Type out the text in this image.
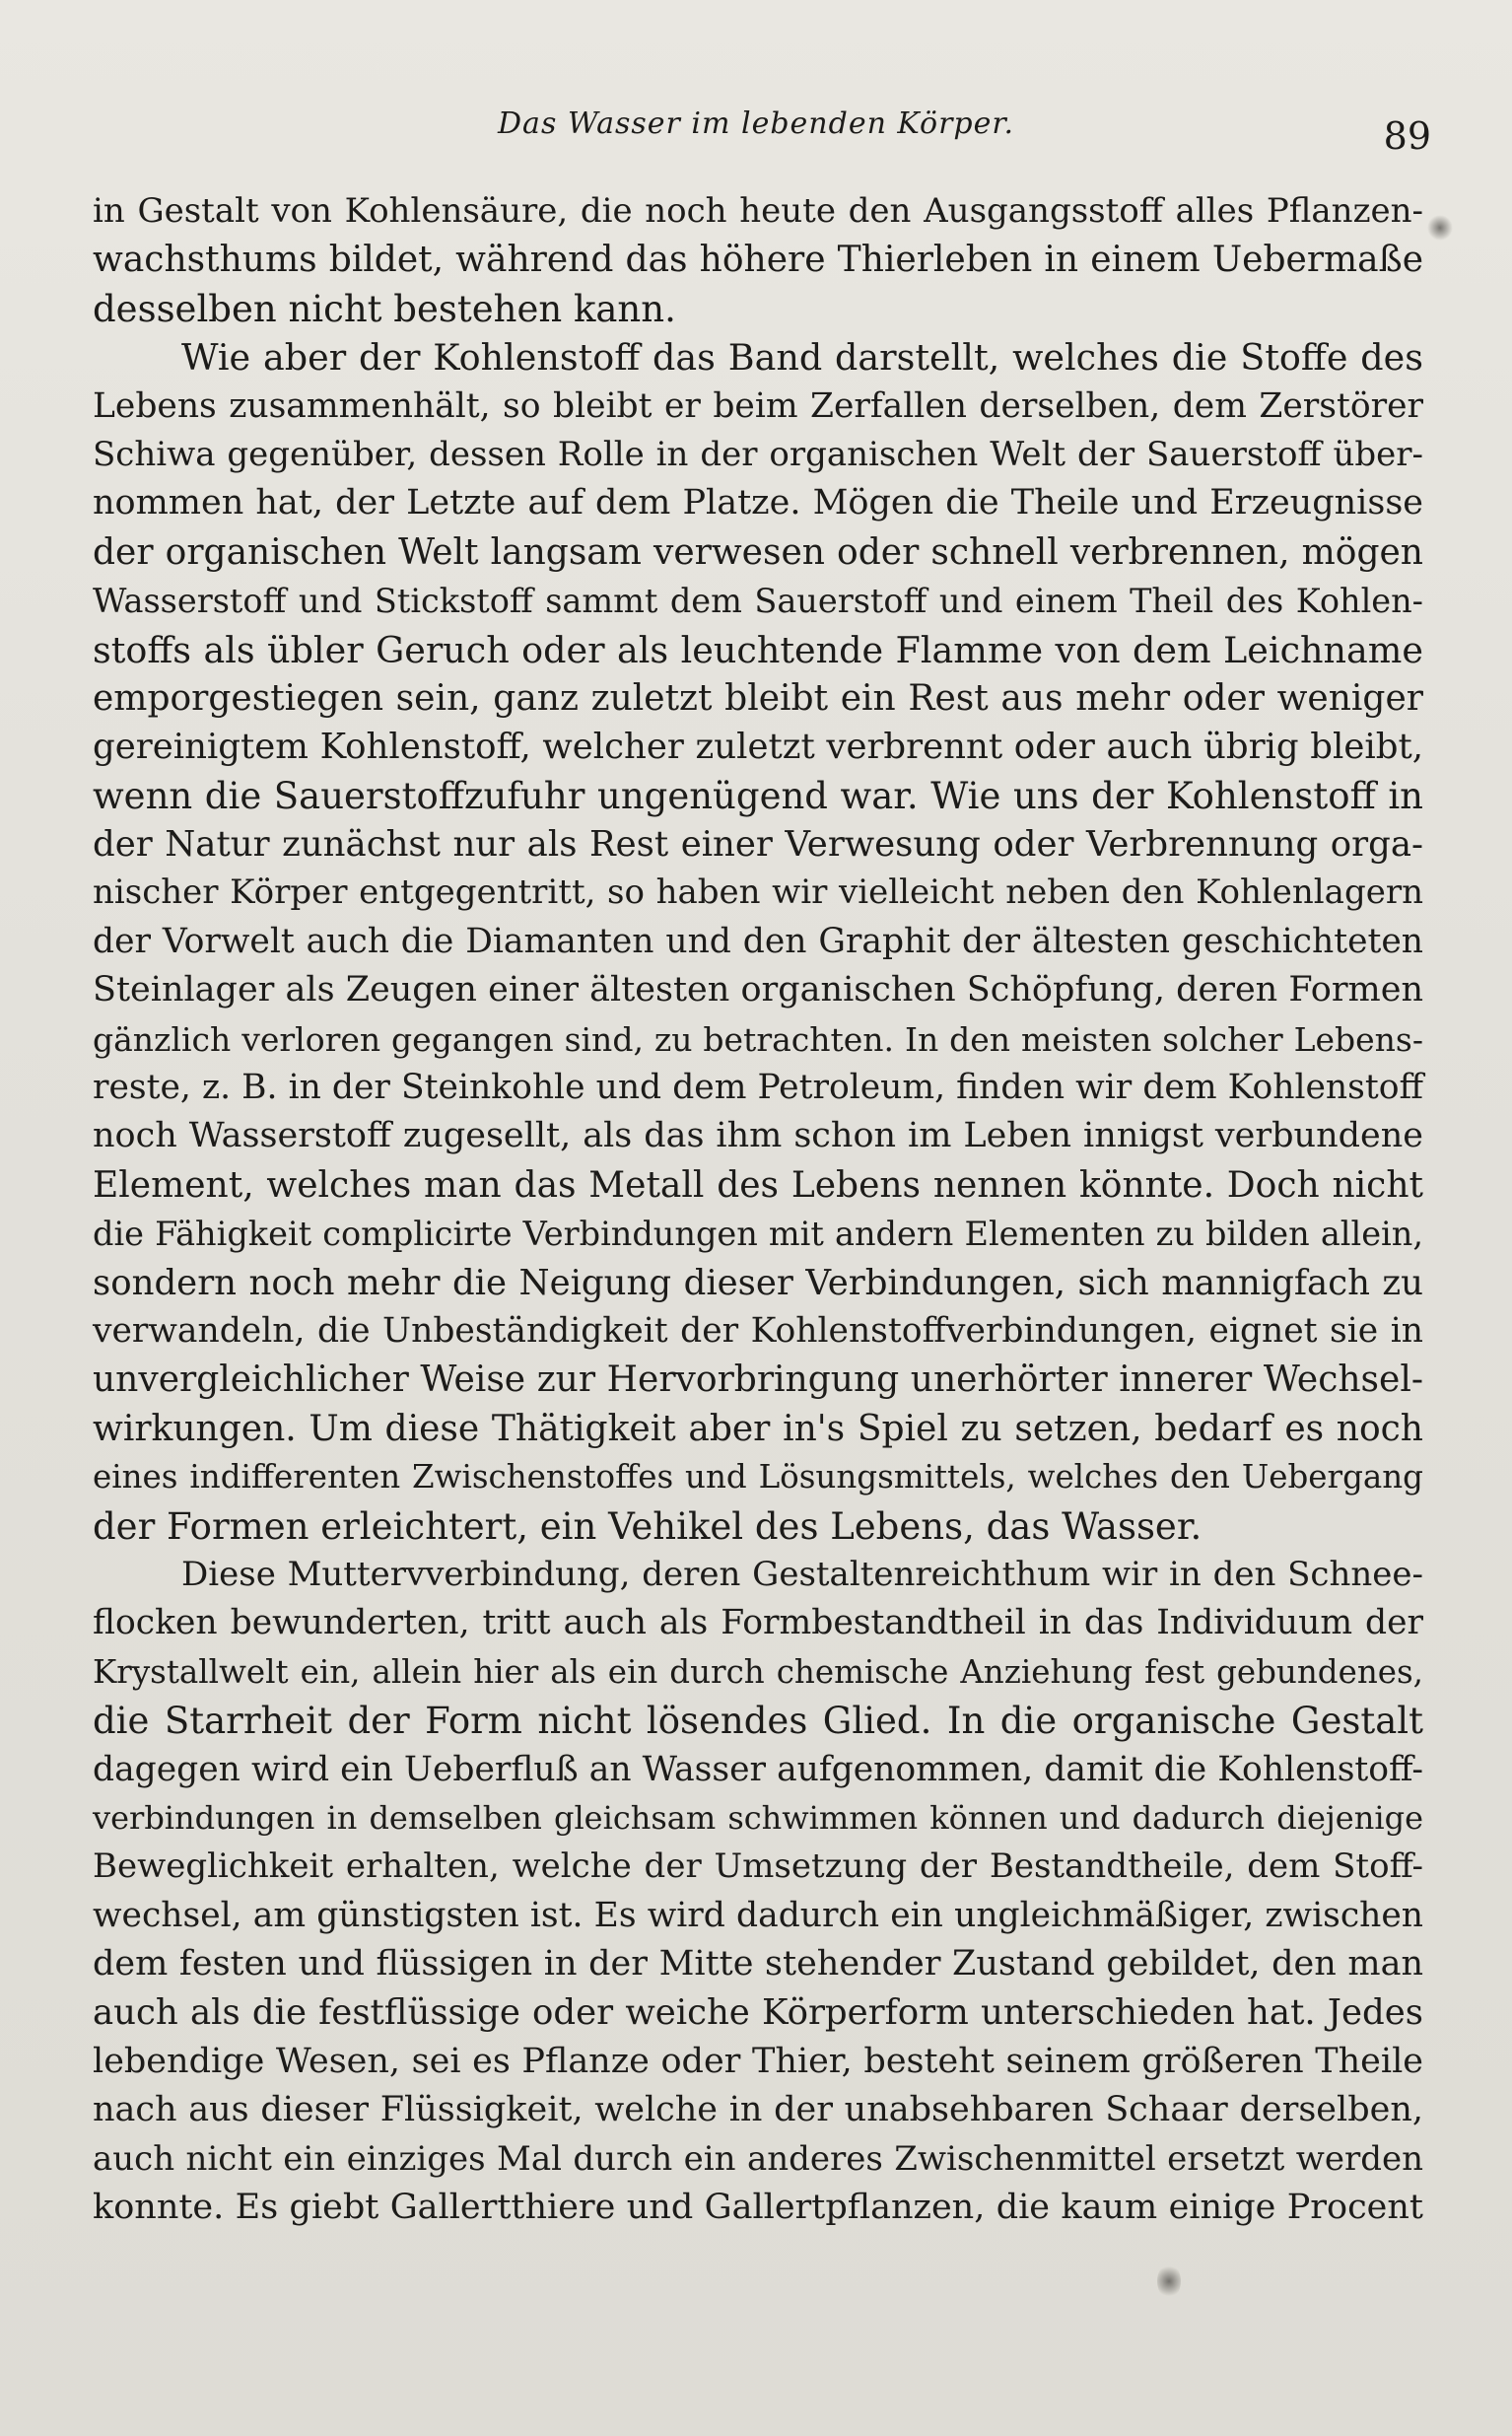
Das Wasser im lebenden Körper.	89
in Gestalt von Kohlensäure, die noch heute den Ausgangsstoff alles Pflanzen-
wachsthums bildet, während das höhere Thierleben in einem Uebermaße
desselben nicht bestehen kann.
Wie aber der Kohlenstoff das Band darstellt, welches die Stoffe des
Lebens zusammenhält, so bleibt er beim Zerfallen derselben, dem Zerstörer
Schiwa gegenüber, dessen Rolle in der organischen Welt der Sauerstoff über-
nommen hat, der Letzte auf dem Platze. Mögen die Theile und Erzeugnisse
der organischen Welt langsam verwesen oder schnell verbrennen, mögen
Wasserstoff und Stickstoff sammt dem Sauerstoff und einem Theil des Kohlen-
stoffs als übler Geruch oder als leuchtende Flamme von dem Leichname
emporgestiegen sein, ganz zuletzt bleibt ein Rest aus mehr oder weniger
gereinigtem Kohlenstoff, welcher zuletzt verbrennt oder auch übrig bleibt,
wenn die Sauerstoffzufuhr ungenügend war. Wie uns der Kohlenstoff in
der Natur zunächst nur als Rest einer Verwesung oder Verbrennung orga-
nischer Körper entgegentritt, so haben wir vielleicht neben den Kohlenlagern
der Vorwelt auch die Diamanten und den Graphit der ältesten geschichteten
Steinlager als Zeugen einer ältesten organischen Schöpfung, deren Formen
gänzlich verloren gegangen sind, zu betrachten. In den meisten solcher Lebens-
reste, z. B. in der Steinkohle und dem Petroleum, finden wir dem Kohlenstoff
noch Wasserstoff zugesellt, als das ihm schon im Leben innigst verbundene
Element, welches man das Metall des Lebens nennen könnte. Doch nicht
die Fähigkeit complicirte Verbindungen mit andern Elementen zu bilden allein,
sondern noch mehr die Neigung dieser Verbindungen, sich mannigfach zu
verwandeln, die Unbeständigkeit der Kohlenstoffverbindungen, eignet sie in
unvergleichlicher Weise zur Hervorbringung unerhörter innerer Wechsel-
wirkungen. Um diese Thätigkeit aber in's Spiel zu setzen, bedarf es noch
eines indifferenten Zwischenstoffes und Lösungsmittels, welches den Uebergang
der Formen erleichtert, ein Vehikel des Lebens, das Wasser.
Diese Muttervverbindung, deren Gestaltenreichthum wir in den Schnee-
flocken bewunderten, tritt auch als Formbestandtheil in das Individuum der
Krystallwelt ein, allein hier als ein durch chemische Anziehung fest gebundenes,
die Starrheit der Form nicht lösendes Glied. In die organische Gestalt
dagegen wird ein Ueberfluß an Wasser aufgenommen, damit die Kohlenstoff-
verbindungen in demselben gleichsam schwimmen können und dadurch diejenige
Beweglichkeit erhalten, welche der Umsetzung der Bestandtheile, dem Stoff-
wechsel, am günstigsten ist. Es wird dadurch ein ungleichmäßiger, zwischen
dem festen und flüssigen in der Mitte stehender Zustand gebildet, den man
auch als die festflüssige oder weiche Körperform unterschieden hat. Jedes
lebendige Wesen, sei es Pflanze oder Thier, besteht seinem größeren Theile
nach aus dieser Flüssigkeit, welche in der unabsehbaren Schaar derselben,
auch nicht ein einziges Mal durch ein anderes Zwischenmittel ersetzt werden
konnte. Es giebt Gallertthiere und Gallertpflanzen, die kaum einige Procent
